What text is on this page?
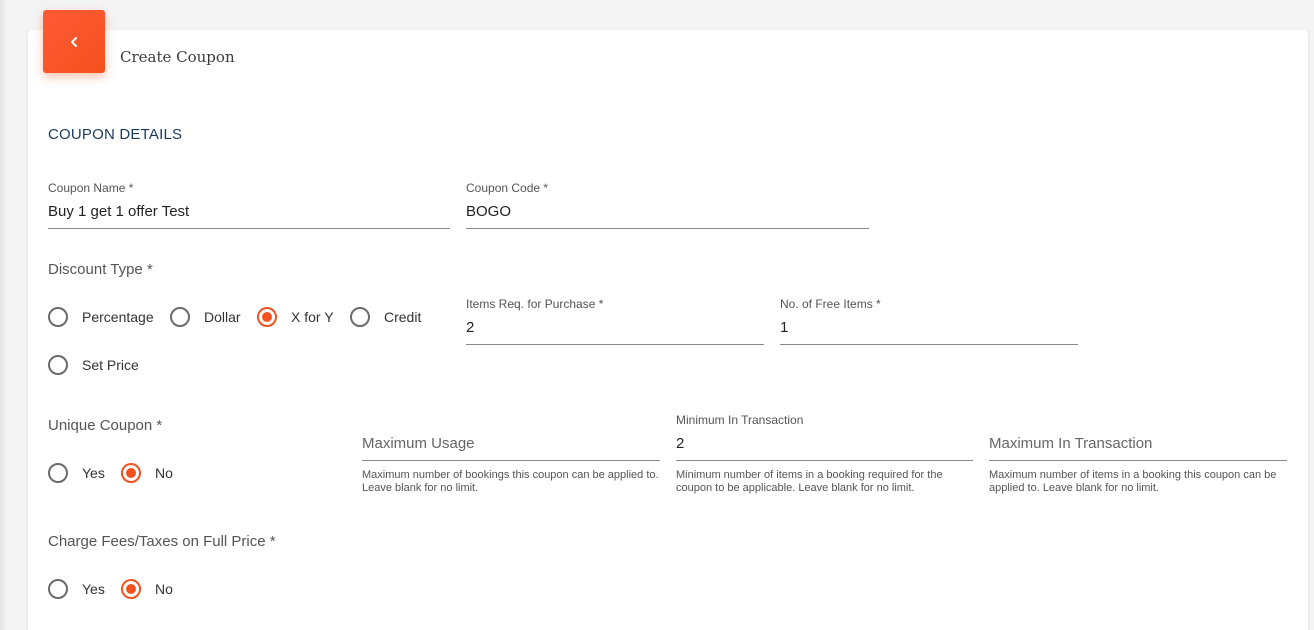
Create Coupon
COUPON DETAILS
Coupon Name *
Buy 1 get 1 offer Test
Coupon Code *
BOGO
Discount Type *
Percentage	Dollar	X for Y	Credit
Set Price
Items Req. for Purchase *
2
No. of Free Items *
1
Unique Coupon *
Yes	No
Maximum Usage
Maximum number of bookings this coupon can be applied to. Leave blank for no limit.
Minimum In Transaction
2
Minimum number of items in a booking required for the coupon to be applicable. Leave blank for no limit.
Maximum In Transaction
Maximum number of items in a booking this coupon can be applied to. Leave blank for no limit.
Charge Fees/Taxes on Full Price *
Yes	No
